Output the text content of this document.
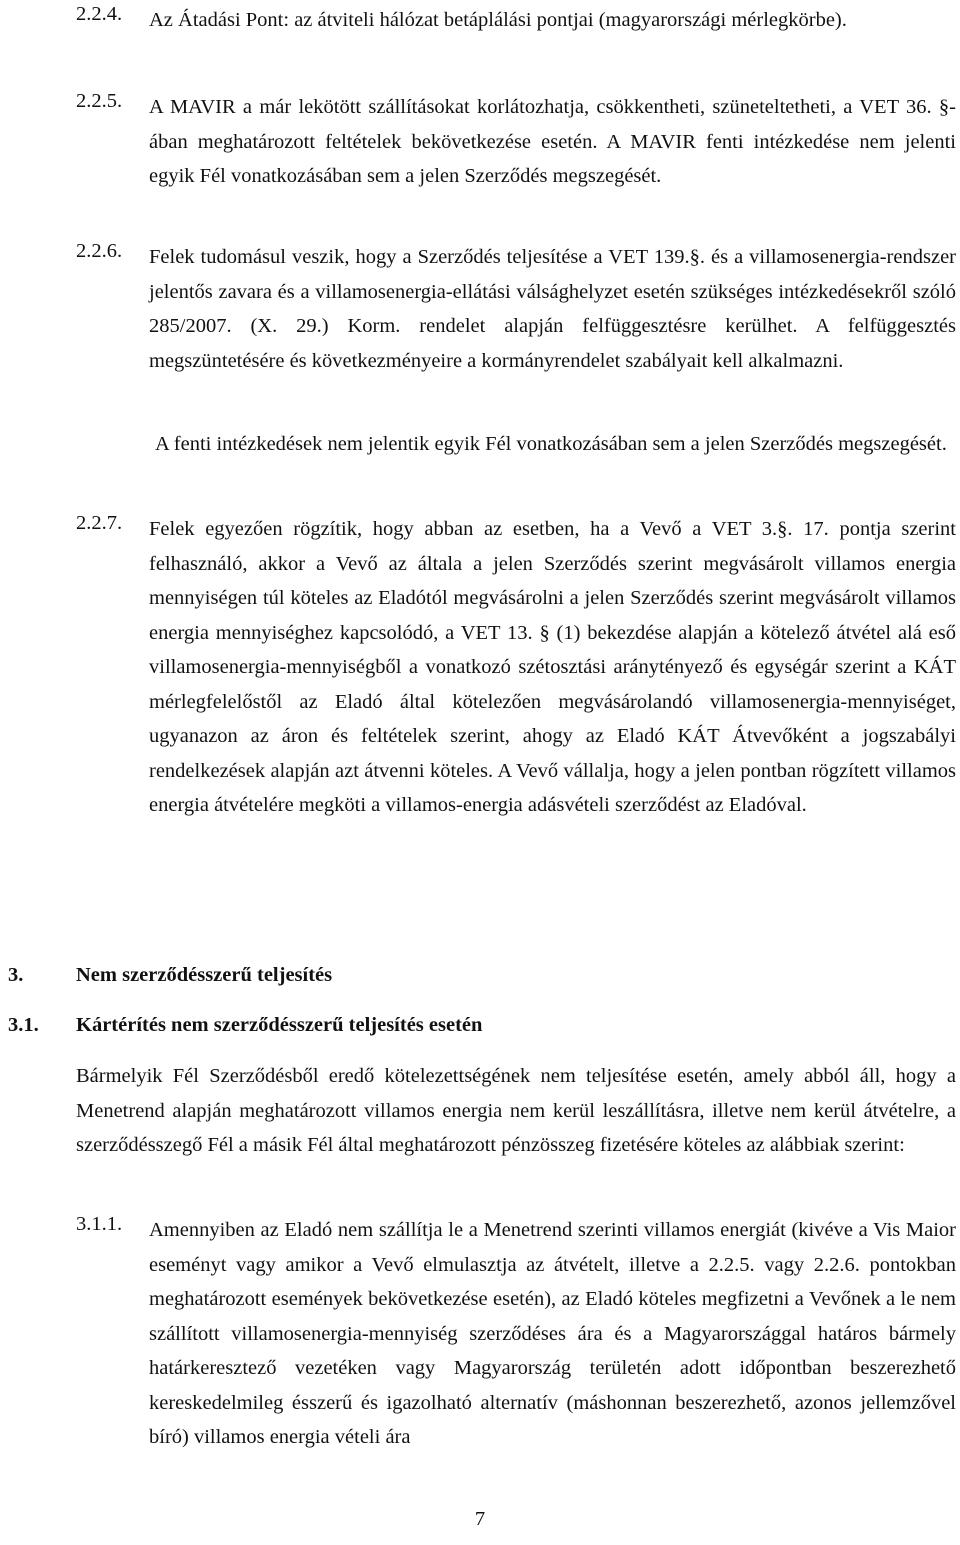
2.2.4. Az Átadási Pont: az átviteli hálózat betáplálási pontjai (magyarországi mérlegkörbe).
2.2.5. A MAVIR a már lekötött szállításokat korlátozhatja, csökkentheti, szüneteltetheti, a VET 36. §-ában meghatározott feltételek bekövetkezése esetén. A MAVIR fenti intézkedése nem jelenti egyik Fél vonatkozásában sem a jelen Szerződés megszegését.
2.2.6. Felek tudomásul veszik, hogy a Szerződés teljesítése a VET 139.§. és a villamosenergia-rendszer jelentős zavara és a villamosenergia-ellátási válsághelyzet esetén szükséges intézkedésekről szóló 285/2007. (X. 29.) Korm. rendelet alapján felfüggesztésre kerülhet. A felfüggesztés megszüntetésére és következményeire a kormányrendelet szabályait kell alkalmazni.
A fenti intézkedések nem jelentik egyik Fél vonatkozásában sem a jelen Szerződés megszegését.
2.2.7. Felek egyezően rögzítik, hogy abban az esetben, ha a Vevő a VET 3.§. 17. pontja szerint felhasználó, akkor a Vevő az általa a jelen Szerződés szerint megvásárolt villamos energia mennyiségen túl köteles az Eladótól megvásárolni a jelen Szerződés szerint megvásárolt villamos energia mennyiséghez kapcsolódó, a VET 13. § (1) bekezdése alapján a kötelező átvétel alá eső villamosenergia-mennyiségből a vonatkozó szétosztási aránytényező és egységár szerint a KÁT mérlegfelelőstől az Eladó által kötelezően megvásárolandó villamosenergia-mennyiséget, ugyanazon az áron és feltételek szerint, ahogy az Eladó KÁT Átvevőként a jogszabályi rendelkezések alapján azt átvenni köteles. A Vevő vállalja, hogy a jelen pontban rögzített villamos energia átvételére megköti a villamos-energia adásvételi szerződést az Eladóval.
3.	Nem szerződésszerű teljesítés
3.1. Kártérítés nem szerződésszerű teljesítés esetén
Bármelyik Fél Szerződésből eredő kötelezettségének nem teljesítése esetén, amely abból áll, hogy a Menetrend alapján meghatározott villamos energia nem kerül leszállításra, illetve nem kerül átvételre, a szerződésszegő Fél a másik Fél által meghatározott pénzösszeg fizetésére köteles az alábbiak szerint:
3.1.1. Amennyiben az Eladó nem szállítja le a Menetrend szerinti villamos energiát (kivéve a Vis Maior eseményt vagy amikor a Vevő elmulasztja az átvételt, illetve a 2.2.5. vagy 2.2.6. pontokban meghatározott események bekövetkezése esetén), az Eladó köteles megfizetni a Vevőnek a le nem szállított villamosenergia-mennyiség szerződéses ára és a Magyarországgal határos bármely határkeresztező vezetéken vagy Magyarország területén adott időpontban beszerezhető kereskedelmileg ésszerű és igazolható alternatív (máshonnan beszerezhető, azonos jellemzővel bíró) villamos energia vételi ára
7
